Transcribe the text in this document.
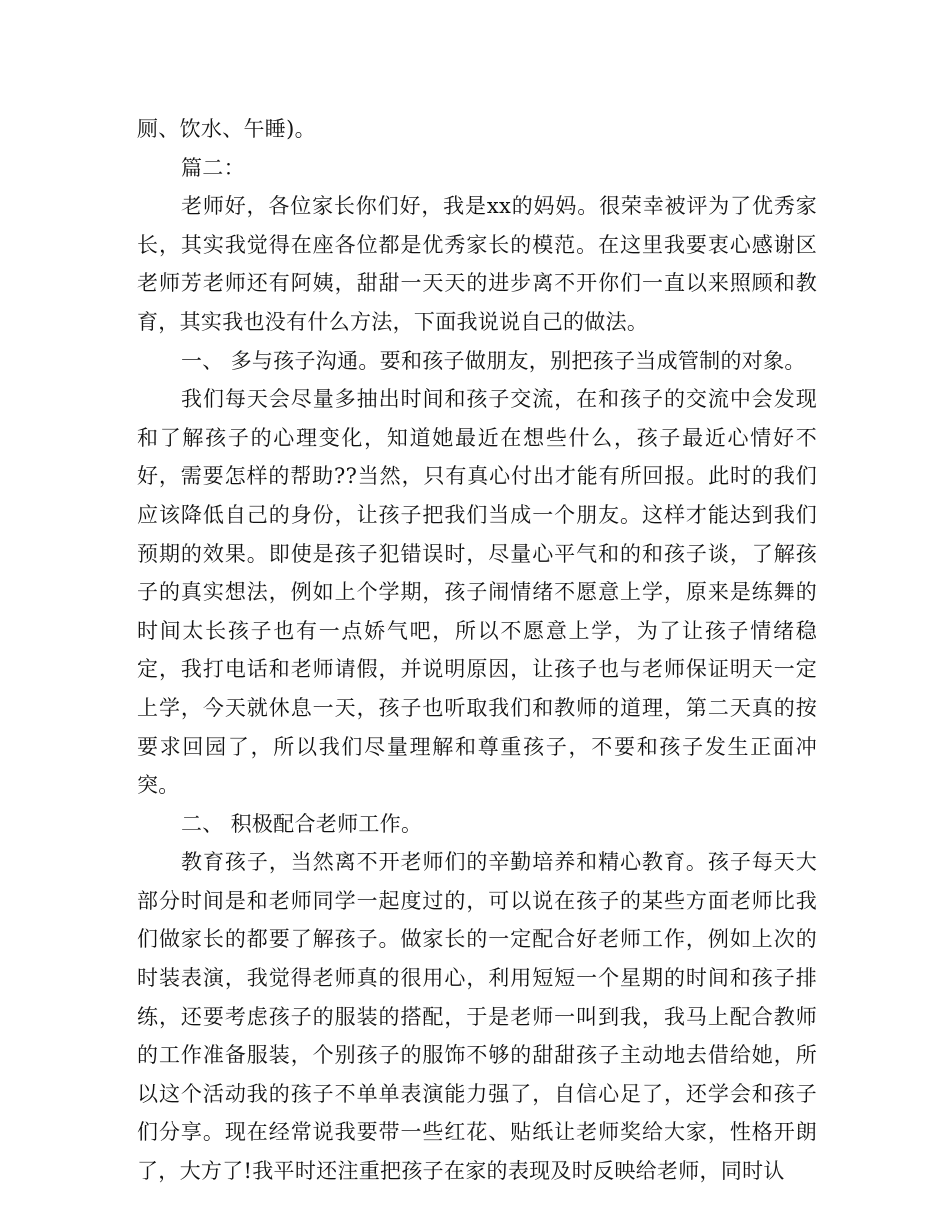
厕、饮水、午睡)。

篇二：

老师好，各位家长你们好，我是xx的妈妈。很荣幸被评为了优秀家长，其实我觉得在座各位都是优秀家长的模范。在这里我要衷心感谢区老师芳老师还有阿姨，甜甜一天天的进步离不开你们一直以来照顾和教育，其实我也没有什么方法，下面我说说自己的做法。

一、 多与孩子沟通。要和孩子做朋友，别把孩子当成管制的对象。

我们每天会尽量多抽出时间和孩子交流，在和孩子的交流中会发现和了解孩子的心理变化，知道她最近在想些什么，孩子最近心情好不好，需要怎样的帮助??当然，只有真心付出才能有所回报。此时的我们应该降低自己的身份，让孩子把我们当成一个朋友。这样才能达到我们预期的效果。即使是孩子犯错误时，尽量心平气和的和孩子谈，了解孩子的真实想法，例如上个学期，孩子闹情绪不愿意上学，原来是练舞的时间太长孩子也有一点娇气吧，所以不愿意上学，为了让孩子情绪稳定，我打电话和老师请假，并说明原因，让孩子也与老师保证明天一定上学，今天就休息一天，孩子也听取我们和教师的道理，第二天真的按要求回园了，所以我们尽量理解和尊重孩子，不要和孩子发生正面冲突。

二、 积极配合老师工作。

教育孩子，当然离不开老师们的辛勤培养和精心教育。孩子每天大部分时间是和老师同学一起度过的，可以说在孩子的某些方面老师比我们做家长的都要了解孩子。做家长的一定配合好老师工作，例如上次的时装表演，我觉得老师真的很用心，利用短短一个星期的时间和孩子排练，还要考虑孩子的服装的搭配，于是老师一叫到我，我马上配合教师的工作准备服装，个别孩子的服饰不够的甜甜孩子主动地去借给她，所以这个活动我的孩子不单单表演能力强了，自信心足了，还学会和孩子们分享。现在经常说我要带一些红花、贴纸让老师奖给大家，性格开朗了，大方了!我平时还注重把孩子在家的表现及时反映给老师，同时认
